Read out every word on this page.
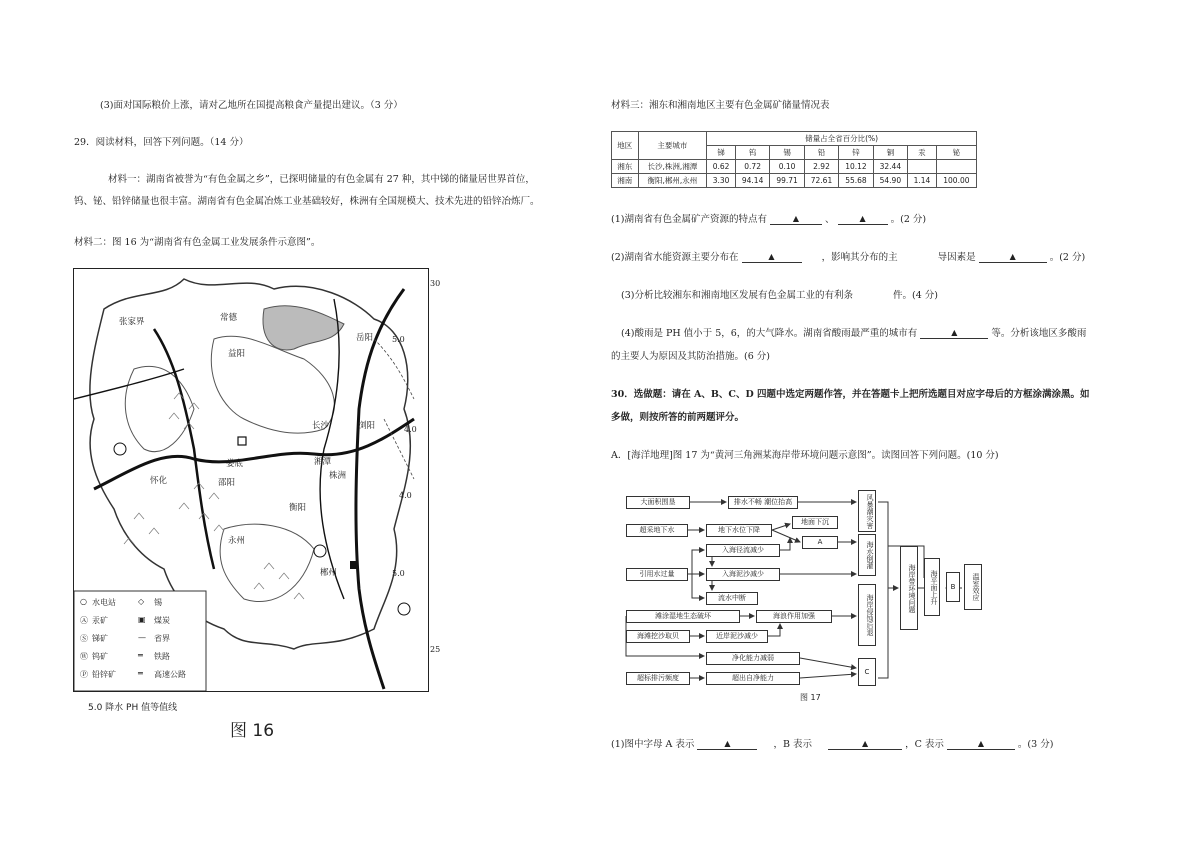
(3)面对国际粮价上涨，请对乙地所在国提高粮食产量提出建议。（3 分）
29．阅读材料，回答下列问题。（14 分）
材料一：湖南省被誉为“有色金属之乡”，已探明储量的有色金属有 27 种，其中锑的储量居世界首位，
钨、铋、铅锌储量也很丰富。湖南省有色金属冶炼工业基础较好，株洲有全国规模大、技术先进的铅锌冶炼厂。
材料二：图 16 为“湖南省有色金属工业发展条件示意图”。
张家界	常德
岳阳
益阳
长沙
怀化
娄底	湘潭
株洲
浏阳
邵阳
衡阳
永州
郴州
5.0
4.0
4.0
5.0
30
25
○ 水电站	◇ 锡
Ⓐ 汞矿	▣ 煤炭
Ⓢ 锑矿	— 省界
Ⓦ 钨矿	═ 铁路
Ⓟ 铅锌矿	═ 高速公路
5.0 降水 PH 值等值线
图 16
材料三：湘东和湘南地区主要有色金属矿储量情况表
地区	主要城市	储量占全省百分比(%)							
		锑	钨	锡	铅	锌	铜	汞	铋
湘东	长沙,株洲,湘潭	0.62	0.72	0.10	2.92	10.12	32.44		
湘南	衡阳,郴州,永州	3.30	94.14	99.71	72.61	55.68	54.90	1.14	100.00
(1)湖南省有色金属矿产资源的特点有	▲	、	▲	。(2 分)
(2)湖南省水能资源主要分布在	▲	，影响其分布的主	导因素是	▲	。(2 分)
(3)分析比较湘东和湘南地区发展有色金属工业的有利条	件。(4 分)
(4)酸雨是 PH 值小于 5，6，的大气降水。湖南省酸雨最严重的城市有	▲	等。分析该地区多酸雨
的主要人为原因及其防治措施。(6 分)
30．选做题：请在 A、B、C、D 四题中选定两题作答，并在答题卡上把所选题目对应字母后的方框涂满涂黑。如
多做，则按所答的前两题评分。
A．[海洋地理]图 17 为“黄河三角洲某海岸带环境问题示意图”。读图回答下列问题。(10 分)
大面积围垦
超采地下水
引用水过量
滩涂湿地生态破坏
海滩挖沙取贝
超标排污频度
排水不畅 潮位抬高
地下水位下降
地面下沉
A
入海径流减少
入海泥沙减少
流水中断
海浪作用加强
近岸泥沙减少
净化能力减弱
超出自净能力
风暴潮灾害
海水倒灌
海岸侵蚀后退
C
海岸带环境问题	海平面上升	B	温室效应
图 17
(1)图中字母 A 表示	▲	，B 表示	▲	，C 表示	▲	。(3 分)
